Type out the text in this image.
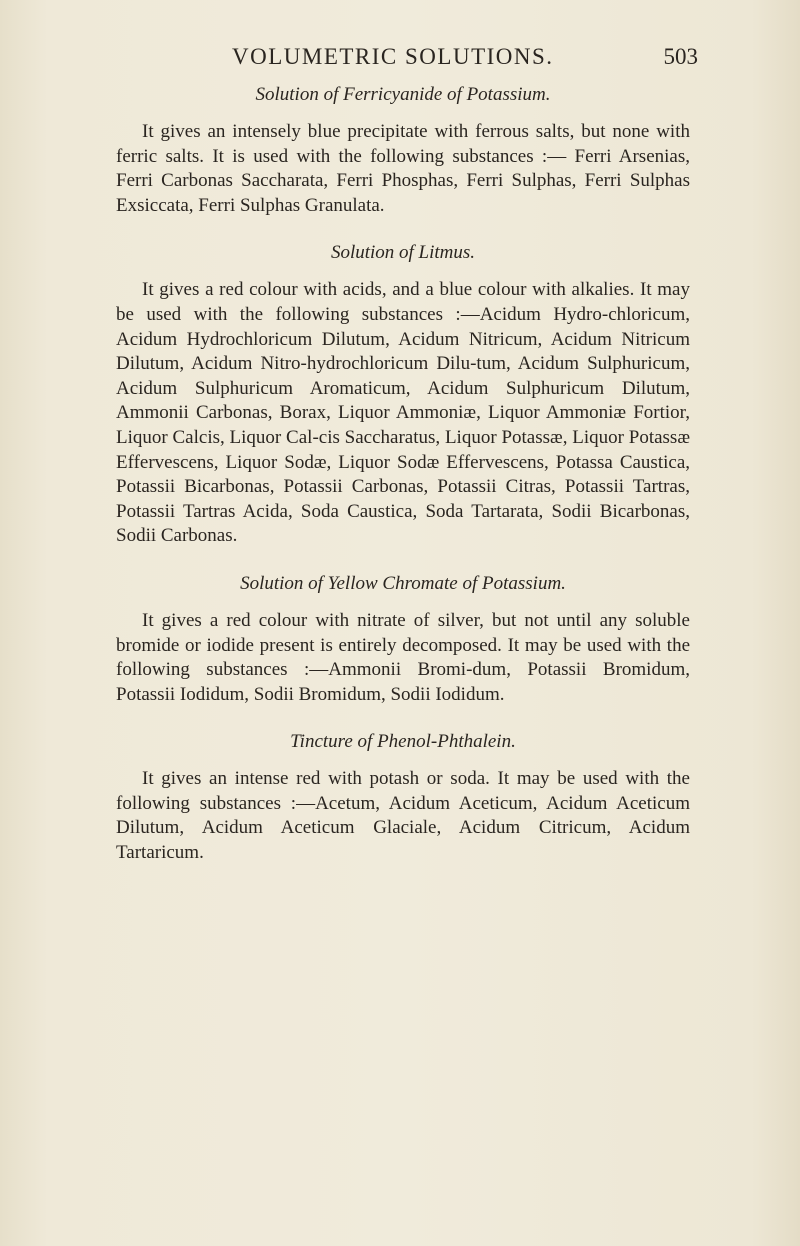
VOLUMETRIC SOLUTIONS.	503

Solution of Ferricyanide of Potassium.

It gives an intensely blue precipitate with ferrous salts, but none with ferric salts. It is used with the following substances :— Ferri Arsenias, Ferri Carbonas Saccharata, Ferri Phosphas, Ferri Sulphas, Ferri Sulphas Exsiccata, Ferri Sulphas Granulata.

Solution of Litmus.

It gives a red colour with acids, and a blue colour with alkalies. It may be used with the following substances :—Acidum Hydro-chloricum, Acidum Hydrochloricum Dilutum, Acidum Nitricum, Acidum Nitricum Dilutum, Acidum Nitro-hydrochloricum Dilu-tum, Acidum Sulphuricum, Acidum Sulphuricum Aromaticum, Acidum Sulphuricum Dilutum, Ammonii Carbonas, Borax, Liquor Ammoniæ, Liquor Ammoniæ Fortior, Liquor Calcis, Liquor Cal-cis Saccharatus, Liquor Potassæ, Liquor Potassæ Effervescens, Liquor Sodæ, Liquor Sodæ Effervescens, Potassa Caustica, Potassii Bicarbonas, Potassii Carbonas, Potassii Citras, Potassii Tartras, Potassii Tartras Acida, Soda Caustica, Soda Tartarata, Sodii Bicarbonas, Sodii Carbonas.

Solution of Yellow Chromate of Potassium.

It gives a red colour with nitrate of silver, but not until any soluble bromide or iodide present is entirely decomposed. It may be used with the following substances :—Ammonii Bromi-dum, Potassii Bromidum, Potassii Iodidum, Sodii Bromidum, Sodii Iodidum.

Tincture of Phenol-Phthalein.

It gives an intense red with potash or soda. It may be used with the following substances :—Acetum, Acidum Aceticum, Acidum Aceticum Dilutum, Acidum Aceticum Glaciale, Acidum Citricum, Acidum Tartaricum.
